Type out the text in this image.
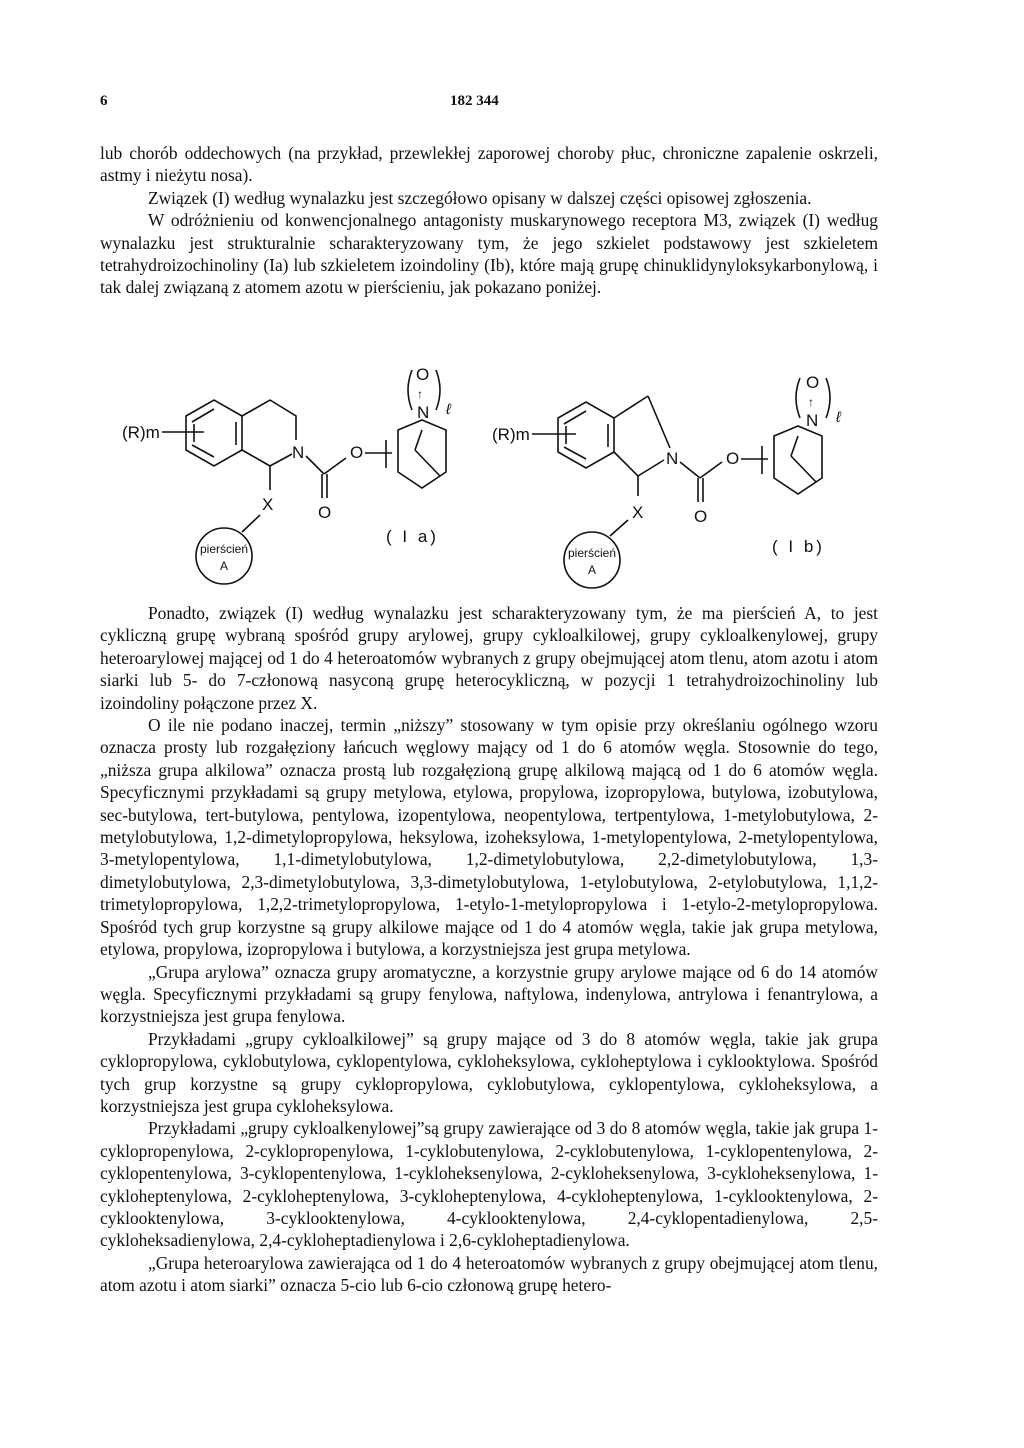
6	182 344

lub chorób oddechowych (na przykład, przewlekłej zaporowej choroby płuc, chroniczne zapalenie oskrzeli, astmy i nieżytu nosa).

Związek (I) według wynalazku jest szczegółowo opisany w dalszej części opisowej zgłoszenia.

W odróżnieniu od konwencjonalnego antagonisty muskarynowego receptora M3, związek (I) według wynalazku jest strukturalnie scharakteryzowany tym, że jego szkielet podstawowy jest szkieletem tetrahydroizochinoliny (Ia) lub szkieletem izoindoliny (Ib), które mają grupę chinuklidynyloksykarbonylową, i tak dalej związaną z atomem azotu w pierścieniu, jak pokazano poniżej.

(R)m
N
O
O
N
↑
O
ℓ
X
pierścień
A
( I a)
(R)m
N
O
O
N
↑
O
ℓ
X
pierścień
A
( I b)

Ponadto, związek (I) według wynalazku jest scharakteryzowany tym, że ma pierścień A, to jest cykliczną grupę wybraną spośród grupy arylowej, grupy cykloalkilowej, grupy cykloalkenylowej, grupy heteroarylowej mającej od 1 do 4 heteroatomów wybranych z grupy obejmującej atom tlenu, atom azotu i atom siarki lub 5- do 7-członową nasyconą grupę heterocykliczną, w pozycji 1 tetrahydroizochinoliny lub izoindoliny połączone przez X.

O ile nie podano inaczej, termin „niższy” stosowany w tym opisie przy określaniu ogólnego wzoru oznacza prosty lub rozgałęziony łańcuch węglowy mający od 1 do 6 atomów węgla. Stosownie do tego, „niższa grupa alkilowa” oznacza prostą lub rozgałęzioną grupę alkilową mającą od 1 do 6 atomów węgla. Specyficznymi przykładami są grupy metylowa, etylowa, propylowa, izopropylowa, butylowa, izobutylowa, sec-butylowa, tert-butylowa, pentylowa, izopentylowa, neopentylowa, tertpentylowa, 1-metylobutylowa, 2-metylobutylowa, 1,2-dimetylopropylowa, heksylowa, izoheksylowa, 1-metylopentylowa, 2-metylopentylowa, 3-metylopentylowa, 1,1-dimetylobutylowa, 1,2-dimetylobutylowa, 2,2-dimetylobutylowa, 1,3-dimetylobutylowa, 2,3-dimetylobutylowa, 3,3-dimetylobutylowa, 1-etylobutylowa, 2-etylobutylowa, 1,1,2-trimetylopropylowa, 1,2,2-trimetylopropylowa, 1-etylo-1-metylopropylowa i 1-etylo-2-metylopropylowa. Spośród tych grup korzystne są grupy alkilowe mające od 1 do 4 atomów węgla, takie jak grupa metylowa, etylowa, propylowa, izopropylowa i butylowa, a korzystniejsza jest grupa metylowa.

„Grupa arylowa” oznacza grupy aromatyczne, a korzystnie grupy arylowe mające od 6 do 14 atomów węgla. Specyficznymi przykładami są grupy fenylowa, naftylowa, indenylowa, antrylowa i fenantrylowa, a korzystniejsza jest grupa fenylowa.

Przykładami „grupy cykloalkilowej” są grupy mające od 3 do 8 atomów węgla, takie jak grupa cyklopropylowa, cyklobutylowa, cyklopentylowa, cykloheksylowa, cykloheptylowa i cyklooktylowa. Spośród tych grup korzystne są grupy cyklopropylowa, cyklobutylowa, cyklopentylowa, cykloheksylowa, a korzystniejsza jest grupa cykloheksylowa.

Przykładami „grupy cykloalkenylowej”są grupy zawierające od 3 do 8 atomów węgla, takie jak grupa 1-cyklopropenylowa, 2-cyklopropenylowa, 1-cyklobutenylowa, 2-cyklobutenylowa, 1-cyklopentenylowa, 2-cyklopentenylowa, 3-cyklopentenylowa, 1-cykloheksenylowa, 2-cykloheksenylowa, 3-cykloheksenylowa, 1-cykloheptenylowa, 2-cykloheptenylowa, 3-cykloheptenylowa, 4-cykloheptenylowa, 1-cyklooktenylowa, 2-cyklooktenylowa, 3-cyklooktenylowa, 4-cyklooktenylowa, 2,4-cyklopentadienylowa, 2,5-cykloheksadienylowa, 2,4-cykloheptadienylowa i 2,6-cykloheptadienylowa.

„Grupa heteroarylowa zawierająca od 1 do 4 heteroatomów wybranych z grupy obejmującej atom tlenu, atom azotu i atom siarki” oznacza 5-cio lub 6-cio członową grupę hetero-
